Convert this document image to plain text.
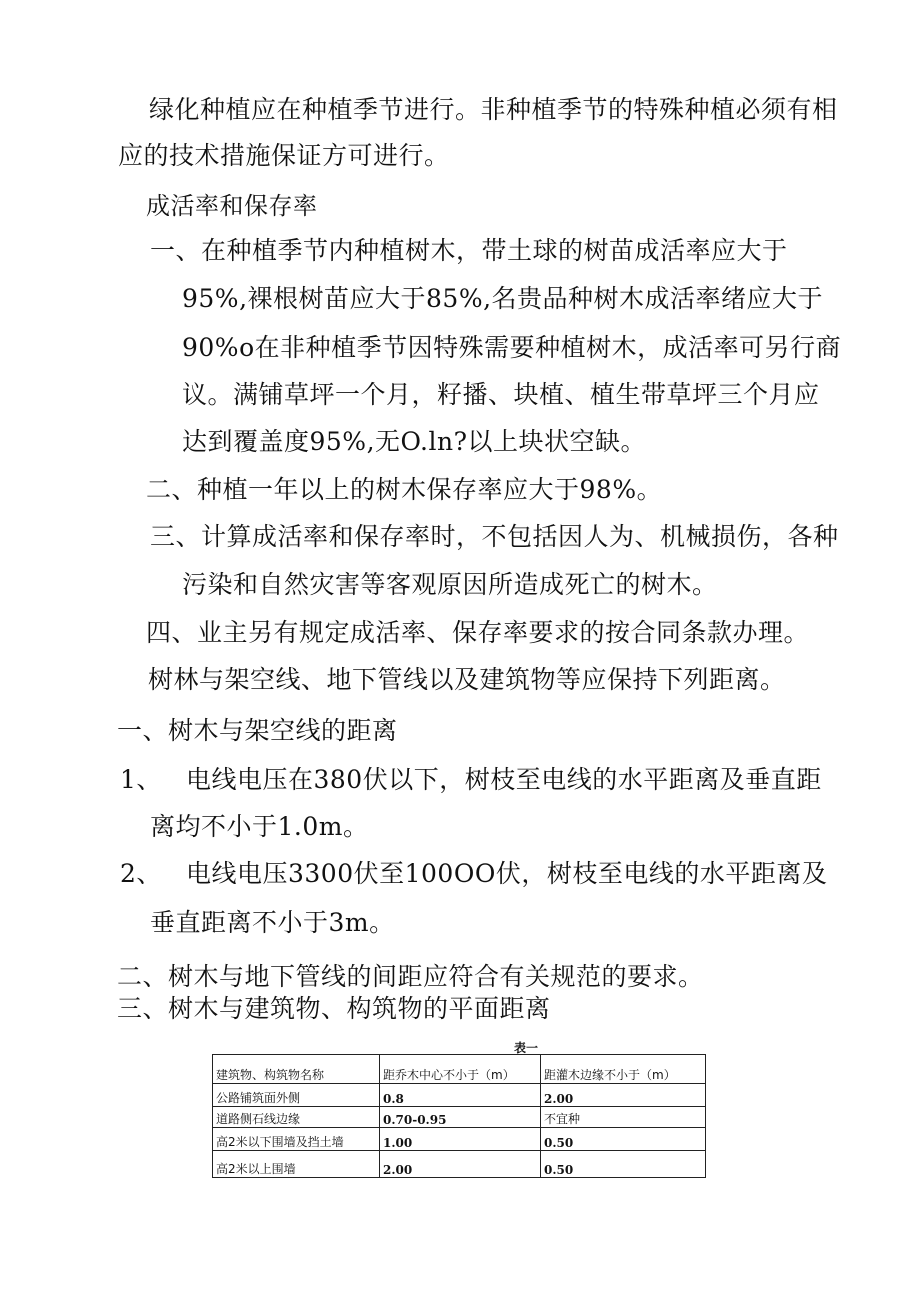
绿化种植应在种植季节进行。非种植季节的特殊种植必须有相
应的技术措施保证方可进行。
成活率和保存率
一、在种植季节内种植树木，带土球的树苗成活率应大于
95%,裸根树苗应大于85%,名贵品种树木成活率绪应大于
90%o在非种植季节因特殊需要种植树木，成活率可另行商
议。满铺草坪一个月，籽播、块植、植生带草坪三个月应
达到覆盖度95%,无O.ln?以上块状空缺。
二、种植一年以上的树木保存率应大于98%。
三、计算成活率和保存率时，不包括因人为、机械损伤，各种
污染和自然灾害等客观原因所造成死亡的树木。
四、业主另有规定成活率、保存率要求的按合同条款办理。
树林与架空线、地下管线以及建筑物等应保持下列距离。
一、树木与架空线的距离
1、 电线电压在380伏以下，树枝至电线的水平距离及垂直距
离均不小于1.0m。
2、 电线电压3300伏至100OO伏，树枝至电线的水平距离及
垂直距离不小于3m。
二、树木与地下管线的间距应符合有关规范的要求。
三、树木与建筑物、构筑物的平面距离
表一
建筑物、构筑物名称	距乔木中心不小于（m）	距灌木边缘不小于（m）
公路铺筑面外侧	0.8	2.00
道路侧石线边缘	0.70-0.95	不宜种
高2米以下围墙及挡土墙	1.00	0.50
高2米以上围墙	2.00	0.50
